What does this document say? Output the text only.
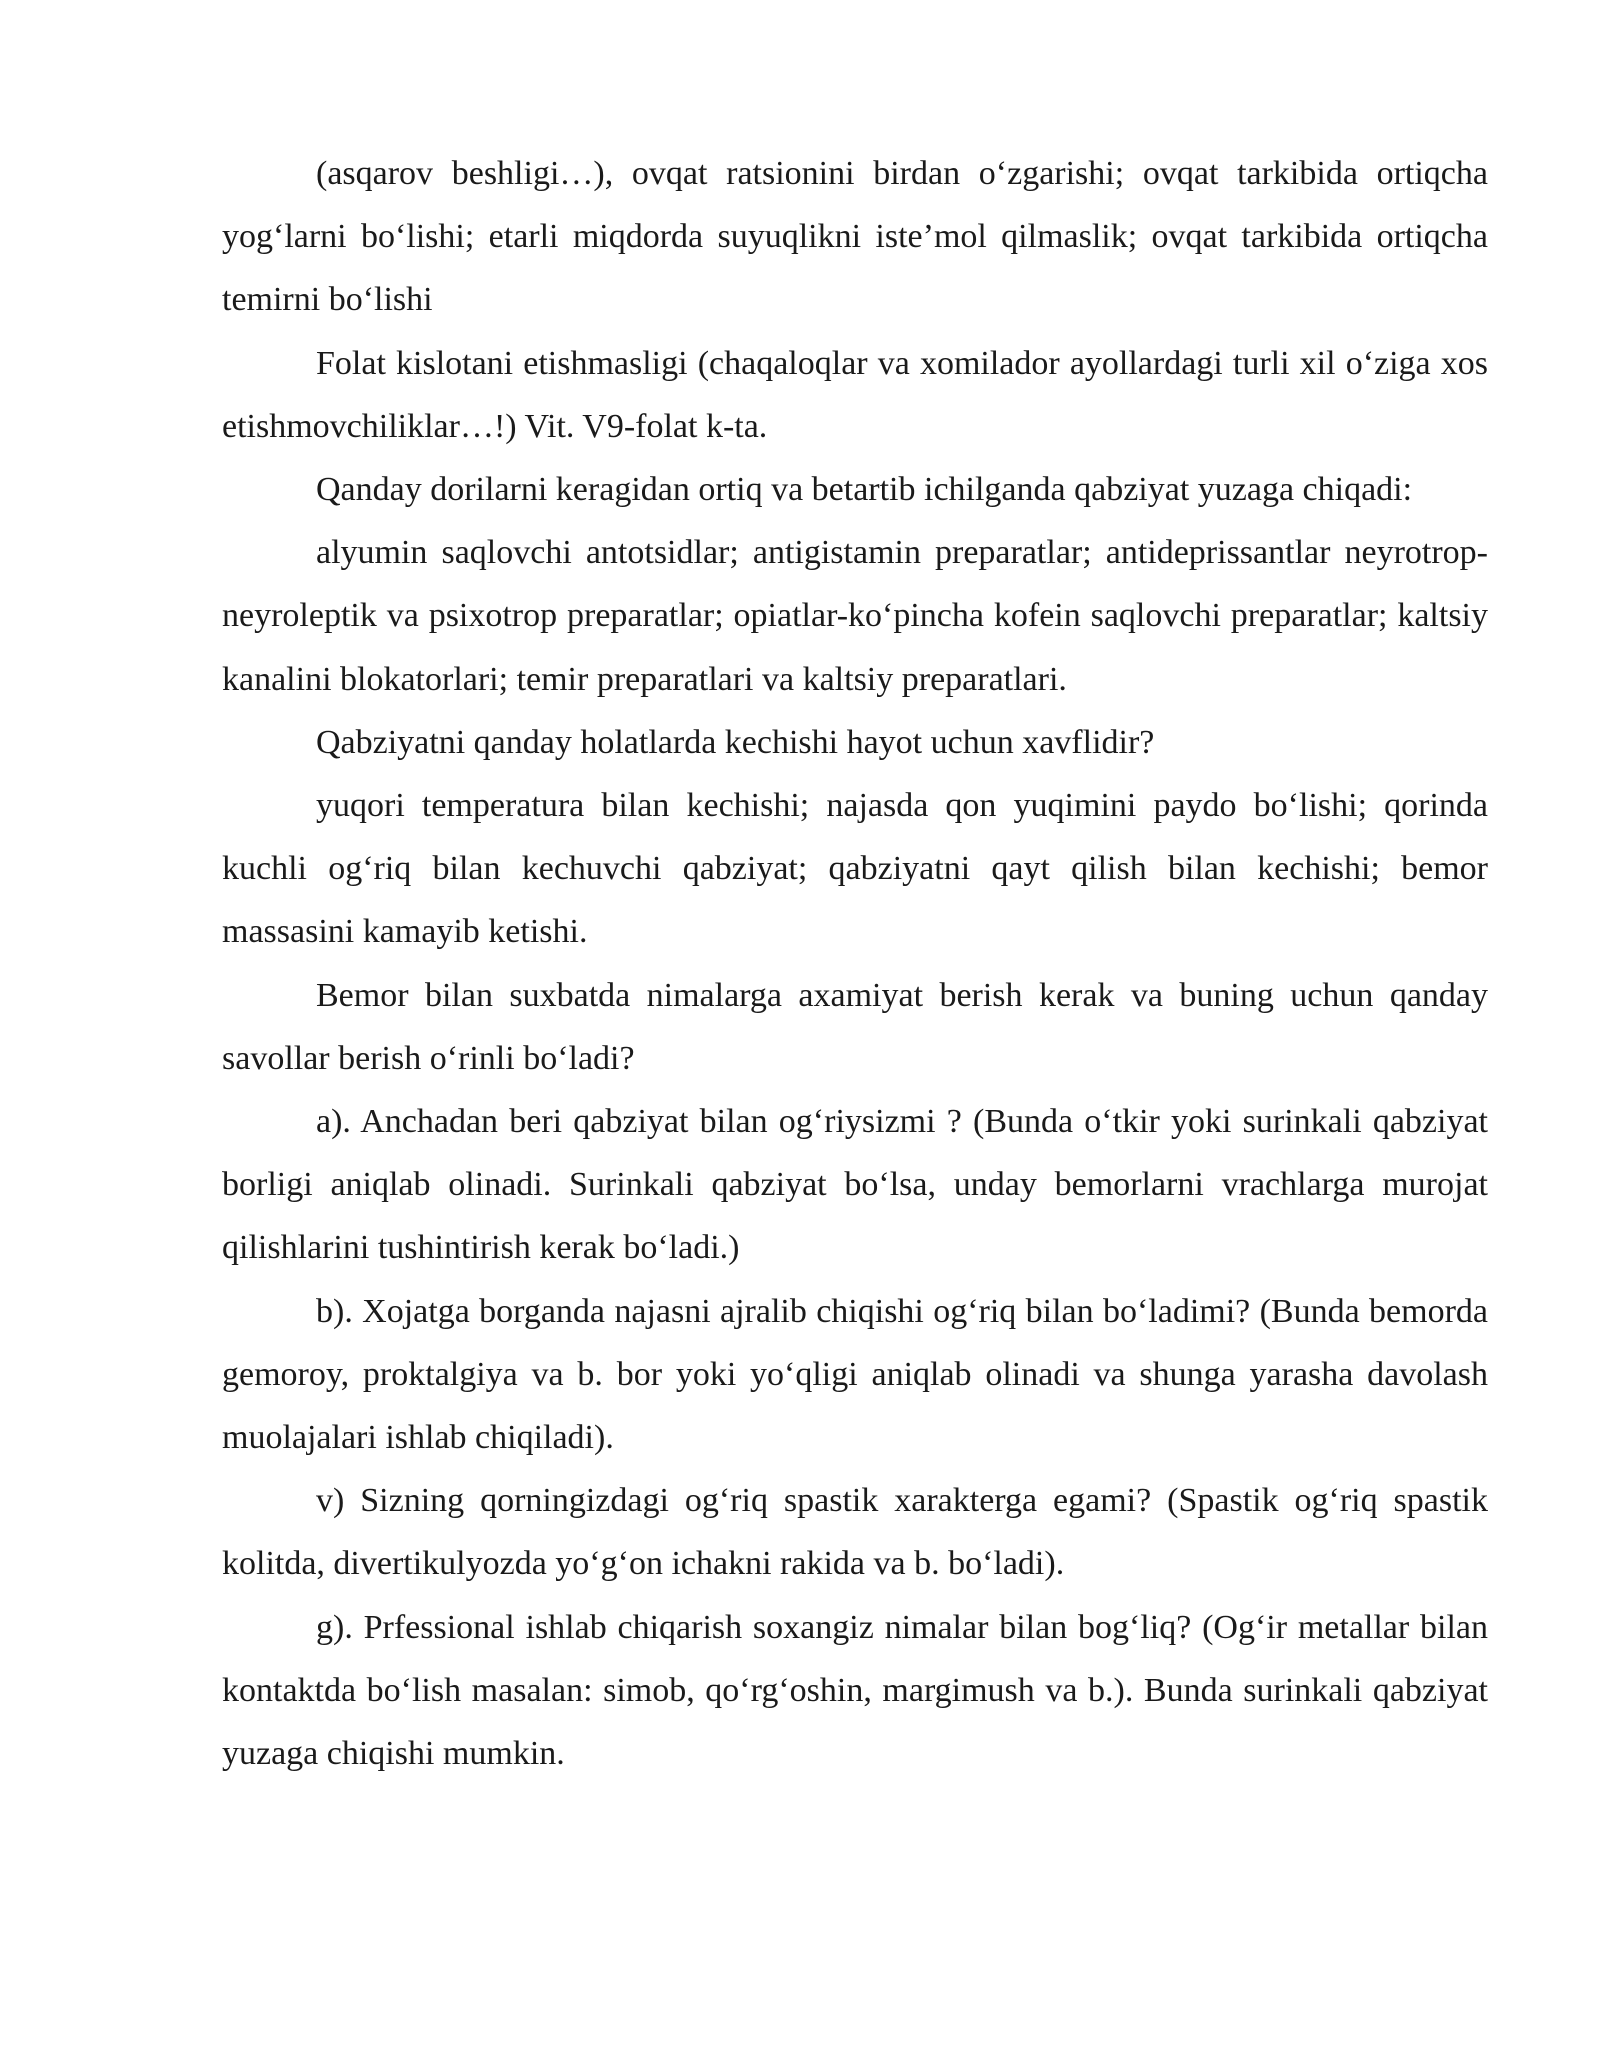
(asqarov beshligi…), ovqat ratsionini birdan o‘zgarishi; ovqat tarkibida ortiqcha yog‘larni bo‘lishi; etarli miqdorda suyuqlikni iste’mol qilmaslik; ovqat tarkibida ortiqcha temirni bo‘lishi

Folat kislotani etishmasligi (chaqaloqlar va xomilador ayollardagi turli xil o‘ziga xos etishmovchiliklar…!) Vit. V9-folat k-ta.

Qanday dorilarni keragidan ortiq va betartib ichilganda qabziyat yuzaga chiqadi:

alyumin saqlovchi antotsidlar; antigistamin preparatlar; antideprissantlar neyrotrop-neyroleptik va psixotrop preparatlar; opiatlar-ko‘pincha kofein saqlovchi preparatlar; kaltsiy kanalini blokatorlari; temir preparatlari va kaltsiy preparatlari.

Qabziyatni qanday holatlarda kechishi hayot uchun xavflidir?

yuqori temperatura bilan kechishi; najasda qon yuqimini paydo bo‘lishi; qorinda kuchli og‘riq bilan kechuvchi qabziyat; qabziyatni qayt qilish bilan kechishi; bemor massasini kamayib ketishi.

Bemor bilan suxbatda nimalarga axamiyat berish kerak va buning uchun qanday savollar berish o‘rinli bo‘ladi?

a). Anchadan beri qabziyat bilan og‘riysizmi ? (Bunda o‘tkir yoki surinkali qabziyat borligi aniqlab olinadi. Surinkali qabziyat bo‘lsa, unday bemorlarni vrachlarga murojat qilishlarini tushintirish kerak bo‘ladi.)

b). Xojatga borganda najasni ajralib chiqishi og‘riq bilan bo‘ladimi? (Bunda bemorda gemoroy, proktalgiya va b. bor yoki yo‘qligi aniqlab olinadi va shunga yarasha davolash muolajalari ishlab chiqiladi).

v) Sizning qorningizdagi og‘riq spastik xarakterga egami? (Spastik og‘riq spastik kolitda, divertikulyozda yo‘g‘on ichakni rakida va b. bo‘ladi).

g). Prfessional ishlab chiqarish soxangiz nimalar bilan bog‘liq? (Og‘ir metallar bilan kontaktda bo‘lish masalan: simob, qo‘rg‘oshin, margimush va b.). Bunda surinkali qabziyat yuzaga chiqishi mumkin.
